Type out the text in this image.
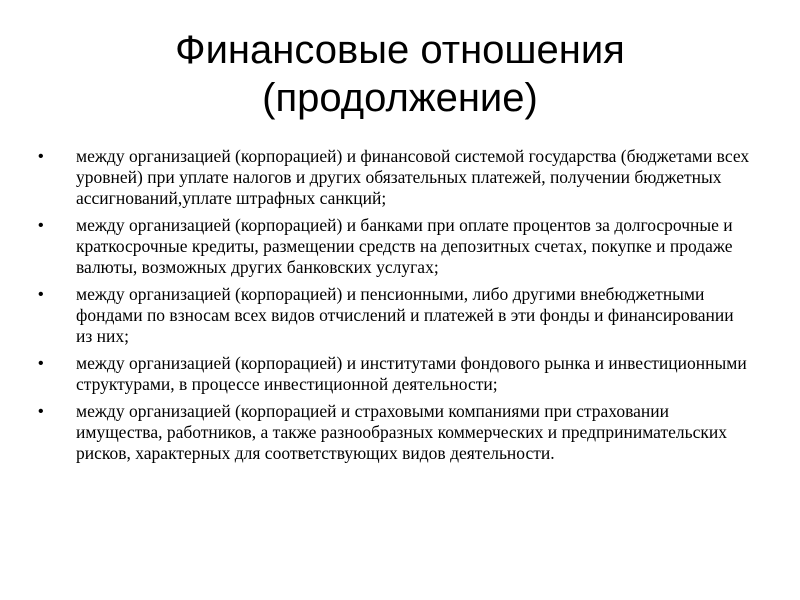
Финансовые отношения
(продолжение)
•	между организацией (корпорацией) и финансовой системой государства (бюджетами всех уровней) при уплате налогов и других обязательных платежей, получении бюджетных ассигнований,уплате штрафных санкций;
•	между организацией (корпорацией) и банками при оплате процентов за долгосрочные и краткосрочные кредиты, размещении средств на депозитных счетах, покупке и продаже валюты, возможных других банковских услугах;
•	между организацией (корпорацией) и пенсионными, либо другими внебюджетными фондами по взносам всех видов отчислений и платежей в эти фонды и финансировании из них;
•	между организацией (корпорацией) и институтами фондового рынка и инвестиционными структурами, в процессе инвестиционной деятельности;
•	между организацией (корпорацией и страховыми компаниями при страховании имущества, работников, а также разнообразных коммерческих и предпринимательских рисков, характерных для соответствующих видов деятельности.
